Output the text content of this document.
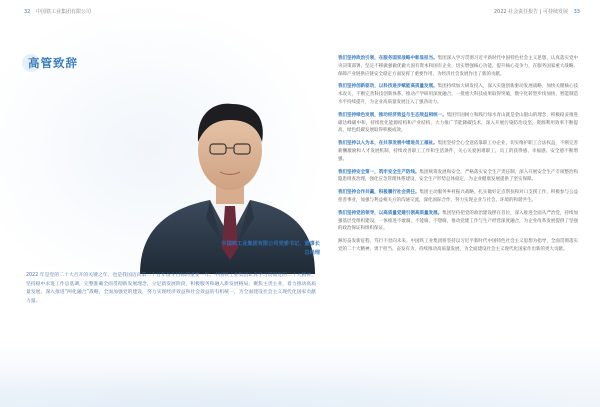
32 中国铁工业集团有限公司	2022 社会责任报告 | 可持续发展 33
高管致辞
中国铁工业集团有限公司党委书记、董事长
总经理
2022 年是党的二十大召开的关键之年，也是我国迈向第二个百年奋斗目标的重要一年。中国铁工业集团认真学习贯彻党的二十大精神，坚持稳中求进工作总基调，完整准确全面贯彻新发展理念，立足新发展阶段，积极服务和融入新发展格局，聚焦主责主业，着力推动高质量发展，深入推进“两化融合”战略，全面加强党的建设，努力实现经济效益和社会效益的有机统一，为全面建设社会主义现代化国家贡献力量。

我们坚持政治引领，在服务国家战略中彰显担当。集团深入学习贯彻习近平新时代中国特色社会主义思想，认真落实党中央决策部署，坚定不移做强做优做大国有资本和国有企业，切实增强核心功能，提升核心竞争力，在服务国家重大战略、保障产业链供应链安全稳定方面发挥了重要作用，为经济社会发展作出了新的贡献。

我们坚持创新驱动，以科技进步赋能高质量发展。集团持续加大研发投入，深入实施创新驱动发展战略，加快关键核心技术攻关，不断完善科技创新体系，推动产学研用深度融合，一批重大科技成果取得突破，数字化转型步伐加快，智能制造水平持续提升，为企业高质量发展注入了强劲动力。

我们坚持绿色发展，推动经济效益与生态效益相统一。集团牢固树立和践行绿水青山就是金山银山的理念，积极稳妥推进碳达峰碳中和，持续优化能源结构和产业结构，大力推广节能降碳技术，深入开展污染防治攻坚，资源利用效率不断提高，绿色低碳发展取得积极成效。

我们坚持以人为本，在共享发展中增进员工福祉。集团坚持全心全意依靠职工办企业，切实维护职工合法权益，不断完善薪酬激励和人才发展机制，持续改善职工工作和生活条件，关心关爱困难职工，员工的获得感、幸福感、安全感不断增强。

我们坚持安全第一，筑牢安全生产防线。集团统筹发展和安全，严格落实安全生产责任制，深入开展安全生产专项整治和隐患排查治理，强化应急管理体系建设，安全生产形势总体稳定，为企业健康发展提供了坚实保障。

我们坚持合作共赢，积极履行社会责任。集团主动服务乡村振兴战略，扎实做好定点帮扶和对口支援工作，积极参与公益慈善事业，加强与利益相关方的沟通交流，深化国际合作，努力实现企业与社会、环境的和谐共生。

我们坚持党的领导，以高质量党建引领高质量发展。集团坚持把党的政治建设摆在首位，深入推进全面从严治党，持续加强基层党组织建设，一体推进不敢腐、不能腐、不想腐，推动党建工作与生产经营深度融合，为企业改革发展提供了坚强的政治保证和组织保证。

踔厉奋发新征程，笃行不怠向未来。中国铁工业集团将坚持以习近平新时代中国特色社会主义思想为指导，全面贯彻落实党的二十大精神，勇于担当、奋发有为，持续推动高质量发展，为全面建设社会主义现代化国家作出新的更大贡献。
